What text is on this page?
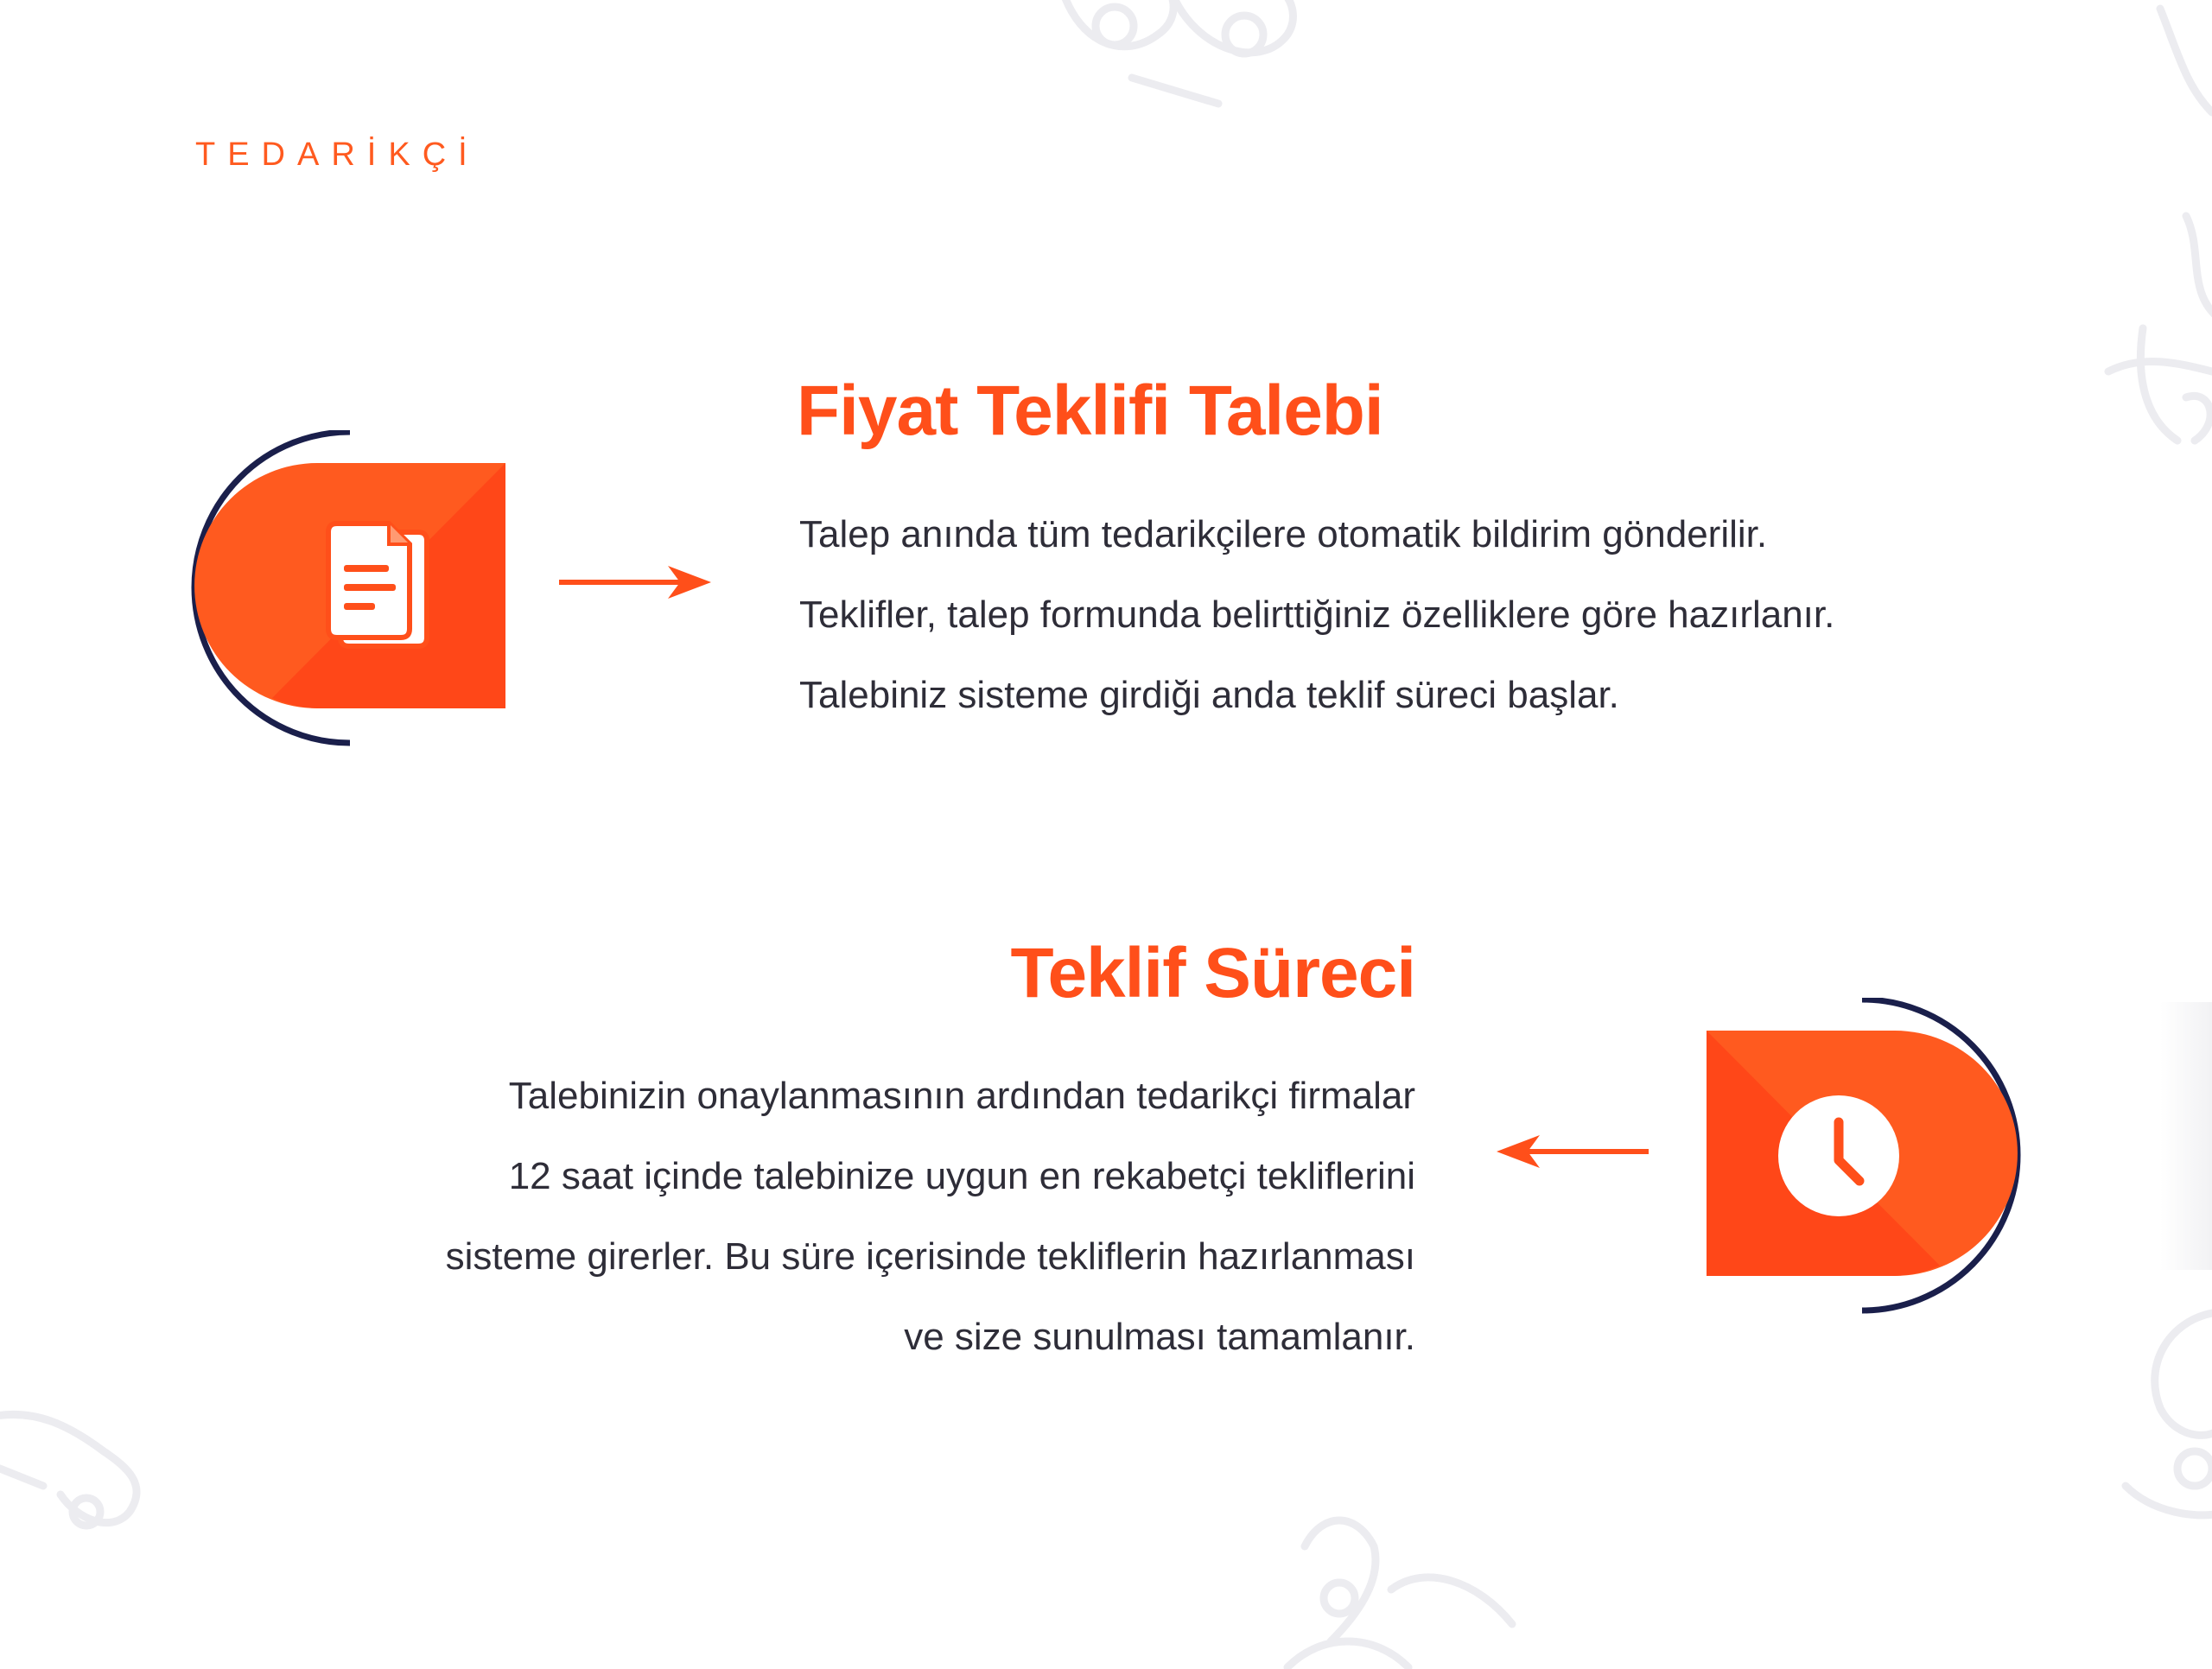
TEDARİKÇİ
Fiyat Teklifi Talebi

Talep anında tüm tedarikçilere otomatik bildirim gönderilir.
Teklifler, talep formunda belirttiğiniz özelliklere göre hazırlanır.
Talebiniz sisteme girdiği anda teklif süreci başlar.

Teklif Süreci

Talebinizin onaylanmasının ardından tedarikçi firmalar
12 saat içinde talebinize uygun en rekabetçi tekliflerini
sisteme girerler. Bu süre içerisinde tekliflerin hazırlanması
ve size sunulması tamamlanır.
